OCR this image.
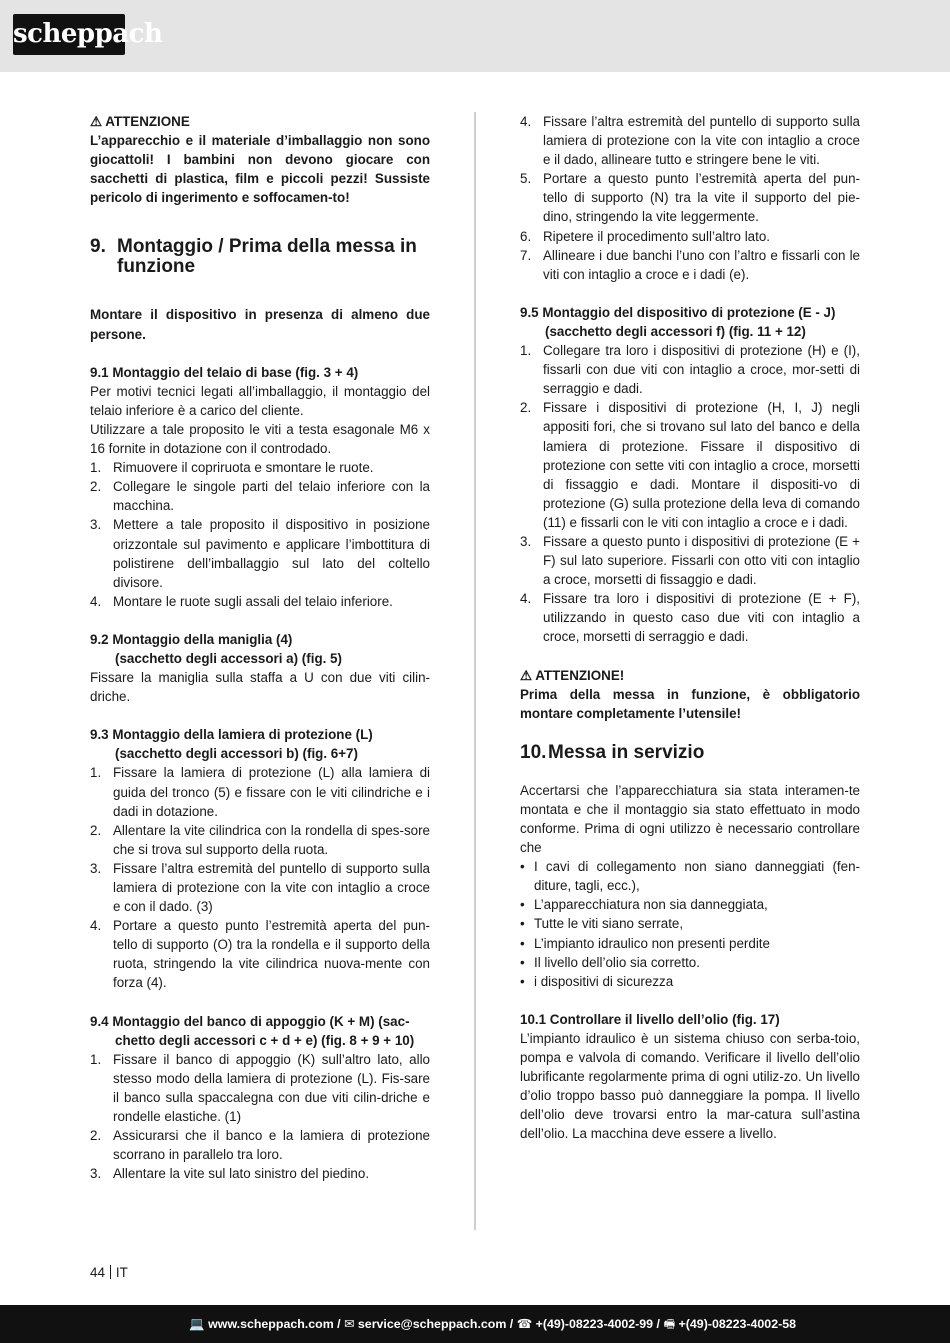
scheppach

⚠ ATTENZIONE

L’apparecchio e il materiale d’imballaggio non sono giocattoli! I bambini non devono giocare con sacchetti di plastica, film e piccoli pezzi! Sussiste pericolo di ingerimento e soffocamen-to!

9. Montaggio / Prima della messa in funzione

Montare il dispositivo in presenza di almeno due persone.

9.1 Montaggio del telaio di base (fig. 3 + 4)

Per motivi tecnici legati all’imballaggio, il montaggio del telaio inferiore è a carico del cliente.

Utilizzare a tale proposito le viti a testa esagonale M6 x 16 fornite in dotazione con il controdado.

1. Rimuovere il copriruota e smontare le ruote.
2. Collegare le singole parti del telaio inferiore con la macchina.
3. Mettere a tale proposito il dispositivo in posizione orizzontale sul pavimento e applicare l’imbottitura di polistirene dell’imballaggio sul lato del coltello divisore.
4. Montare le ruote sugli assali del telaio inferiore.

9.2 Montaggio della maniglia (4)
(sacchetto degli accessori a) (fig. 5)

Fissare la maniglia sulla staffa a U con due viti cilin-driche.

9.3 Montaggio della lamiera di protezione (L)
(sacchetto degli accessori b) (fig. 6+7)

1. Fissare la lamiera di protezione (L) alla lamiera di guida del tronco (5) e fissare con le viti cilindriche e i dadi in dotazione.
2. Allentare la vite cilindrica con la rondella di spes-sore che si trova sul supporto della ruota.
3. Fissare l’altra estremità del puntello di supporto sulla lamiera di protezione con la vite con intaglio a croce e con il dado. (3)
4. Portare a questo punto l’estremità aperta del pun-tello di supporto (O) tra la rondella e il supporto della ruota, stringendo la vite cilindrica nuova-mente con forza (4).

9.4 Montaggio del banco di appoggio (K + M) (sac-
chetto degli accessori c + d + e) (fig. 8 + 9 + 10)

1. Fissare il banco di appoggio (K) sull’altro lato, allo stesso modo della lamiera di protezione (L). Fis-sare il banco sulla spaccalegna con due viti cilin-driche e rondelle elastiche. (1)
2. Assicurarsi che il banco e la lamiera di protezione scorrano in parallelo tra loro.
3. Allentare la vite sul lato sinistro del piedino.
4. Fissare l’altra estremità del puntello di supporto sulla lamiera di protezione con la vite con intaglio a croce e il dado, allineare tutto e stringere bene le viti.
5. Portare a questo punto l’estremità aperta del pun-tello di supporto (N) tra la vite il supporto del pie-dino, stringendo la vite leggermente.
6. Ripetere il procedimento sull’altro lato.
7. Allineare i due banchi l’uno con l’altro e fissarli con le viti con intaglio a croce e i dadi (e).

9.5 Montaggio del dispositivo di protezione (E - J)
(sacchetto degli accessori f) (fig. 11 + 12)

1. Collegare tra loro i dispositivi di protezione (H) e (I), fissarli con due viti con intaglio a croce, mor-setti di serraggio e dadi.
2. Fissare i dispositivi di protezione (H, I, J) negli appositi fori, che si trovano sul lato del banco e della lamiera di protezione. Fissare il dispositivo di protezione con sette viti con intaglio a croce, morsetti di fissaggio e dadi. Montare il dispositi-vo di protezione (G) sulla protezione della leva di comando (11) e fissarli con le viti con intaglio a croce e i dadi.
3. Fissare a questo punto i dispositivi di protezione (E + F) sul lato superiore. Fissarli con otto viti con intaglio a croce, morsetti di fissaggio e dadi.
4. Fissare tra loro i dispositivi di protezione (E + F), utilizzando in questo caso due viti con intaglio a croce, morsetti di serraggio e dadi.

⚠ ATTENZIONE!

Prima della messa in funzione, è obbligatorio montare completamente l’utensile!

10. Messa in servizio

Accertarsi che l’apparecchiatura sia stata interamen-te montata e che il montaggio sia stato effettuato in modo conforme. Prima di ogni utilizzo è necessario controllare che

• I cavi di collegamento non siano danneggiati (fen-diture, tagli, ecc.),
• L’apparecchiatura non sia danneggiata,
• Tutte le viti siano serrate,
• L’impianto idraulico non presenti perdite
• Il livello dell’olio sia corretto.
• i dispositivi di sicurezza

10.1 Controllare il livello dell’olio (fig. 17)

L’impianto idraulico è un sistema chiuso con serba-toio, pompa e valvola di comando. Verificare il livello dell’olio lubrificante regolarmente prima di ogni utiliz-zo. Un livello d’olio troppo basso può danneggiare la pompa. Il livello dell’olio deve trovarsi entro la mar-catura sull’astina dell’olio. La macchina deve essere a livello.

44 IT
💻 www.scheppach.com / ✉ service@scheppach.com / ☎ +(49)-08223-4002-99 / 🖷 +(49)-08223-4002-58
